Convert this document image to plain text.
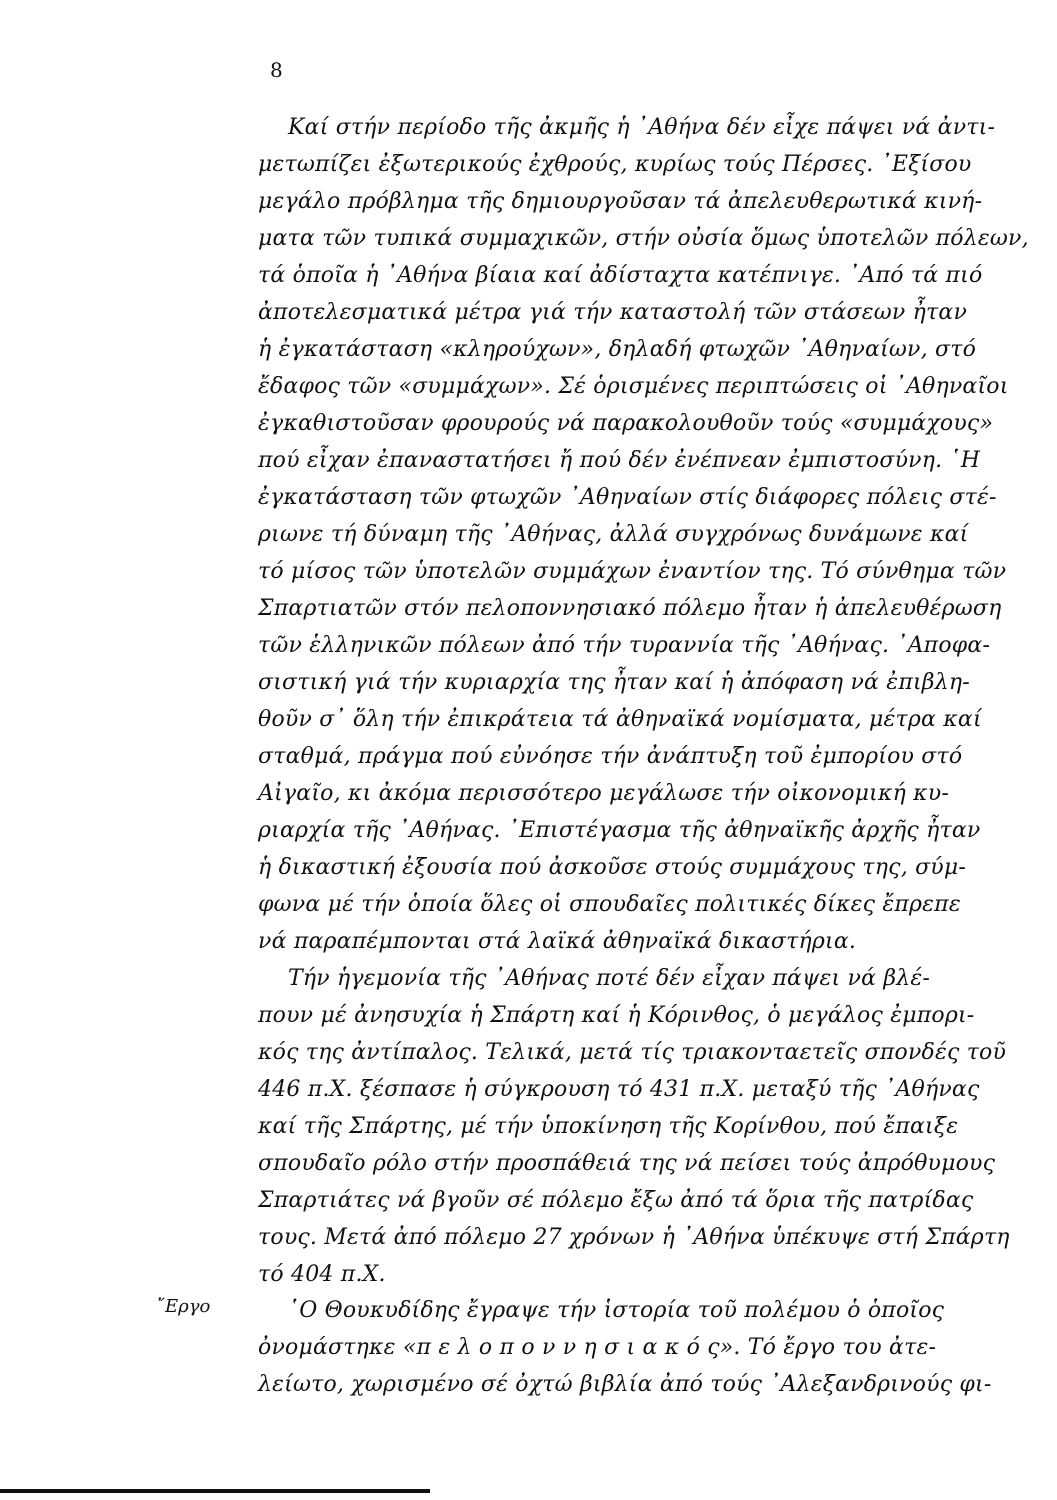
8
Καί στήν περίοδο τῆς ἀκμῆς ἡ ᾿Αθήνα δέν εἶχε πάψει νά ἀντι-
μετωπίζει ἐξωτερικούς ἐχθρούς, κυρίως τούς Πέρσες. ᾿Εξίσου
μεγάλο πρόβλημα τῆς δημιουργοῦσαν τά ἀπελευθερωτικά κινή-
ματα τῶν τυπικά συμμαχικῶν, στήν οὐσία ὅμως ὑποτελῶν πόλεων,
τά ὁποῖα ἡ ᾿Αθήνα βίαια καί ἀδίσταχτα κατέπνιγε. ᾿Από τά πιό
ἀποτελεσματικά μέτρα γιά τήν καταστολή τῶν στάσεων ἦταν
ἡ ἐγκατάσταση «κληρούχων», δηλαδή φτωχῶν ᾿Αθηναίων, στό
ἔδαφος τῶν «συμμάχων». Σέ ὁρισμένες περιπτώσεις οἱ ᾿Αθηναῖοι
ἐγκαθιστοῦσαν φρουρούς νά παρακολουθοῦν τούς «συμμάχους»
πού εἶχαν ἐπαναστατήσει ἤ πού δέν ἐνέπνεαν ἐμπιστοσύνη. ῾Η
ἐγκατάσταση τῶν φτωχῶν ᾿Αθηναίων στίς διάφορες πόλεις στέ-
ριωνε τή δύναμη τῆς ᾿Αθήνας, ἀλλά συγχρόνως δυνάμωνε καί
τό μίσος τῶν ὑποτελῶν συμμάχων ἐναντίον της. Τό σύνθημα τῶν
Σπαρτιατῶν στόν πελοποννησιακό πόλεμο ἦταν ἡ ἀπελευθέρωση
τῶν ἑλληνικῶν πόλεων ἀπό τήν τυραννία τῆς ᾿Αθήνας. ᾿Αποφα-
σιστική γιά τήν κυριαρχία της ἦταν καί ἡ ἀπόφαση νά ἐπιβλη-
θοῦν σ᾿ ὅλη τήν ἐπικράτεια τά ἀθηναϊκά νομίσματα, μέτρα καί
σταθμά, πράγμα πού εὐνόησε τήν ἀνάπτυξη τοῦ ἐμπορίου στό
Αἰγαῖο, κι ἀκόμα περισσότερο μεγάλωσε τήν οἰκονομική κυ-
ριαρχία τῆς ᾿Αθήνας. ᾿Επιστέγασμα τῆς ἀθηναϊκῆς ἀρχῆς ἦταν
ἡ δικαστική ἐξουσία πού ἀσκοῦσε στούς συμμάχους της, σύμ-
φωνα μέ τήν ὁποία ὅλες οἱ σπουδαῖες πολιτικές δίκες ἔπρεπε
νά παραπέμπονται στά λαϊκά ἀθηναϊκά δικαστήρια.
Τήν ἡγεμονία τῆς ᾿Αθήνας ποτέ δέν εἶχαν πάψει νά βλέ-
πουν μέ ἀνησυχία ἡ Σπάρτη καί ἡ Κόρινθος, ὁ μεγάλος ἐμπορι-
κός της ἀντίπαλος. Τελικά, μετά τίς τριακονταετεῖς σπονδές τοῦ
446 π.Χ. ξέσπασε ἡ σύγκρουση τό 431 π.Χ. μεταξύ τῆς ᾿Αθήνας
καί τῆς Σπάρτης, μέ τήν ὑποκίνηση τῆς Κορίνθου, πού ἔπαιξε
σπουδαῖο ρόλο στήν προσπάθειά της νά πείσει τούς ἀπρόθυμους
Σπαρτιάτες νά βγοῦν σέ πόλεμο ἔξω ἀπό τά ὅρια τῆς πατρίδας
τους. Μετά ἀπό πόλεμο 27 χρόνων ἡ ᾿Αθήνα ὑπέκυψε στή Σπάρτη
τό 404 π.Χ.
῎Εργο	῾Ο Θουκυδίδης ἔγραψε τήν ἱστορία τοῦ πολέμου ὁ ὁποῖος
ὀνομάστηκε «π ε λ ο π ο ν ν η σ ι α κ ό ς». Τό ἔργο του ἀτε-
λείωτο, χωρισμένο σέ ὀχτώ βιβλία ἀπό τούς ᾿Αλεξανδρινούς φι-
